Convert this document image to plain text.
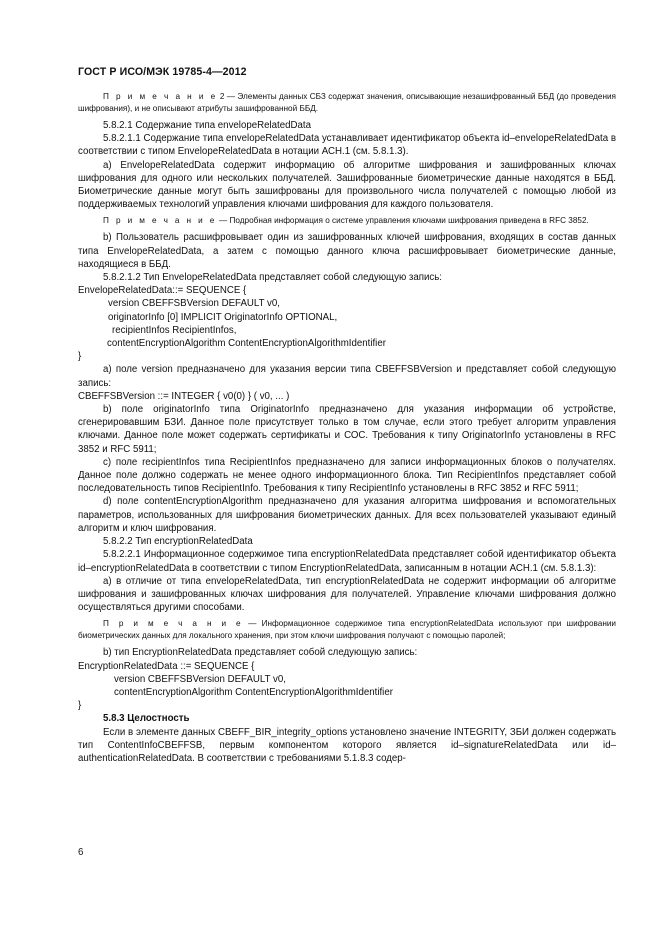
ГОСТ Р ИСО/МЭК 19785-4—2012

П р и м е ч а н и е 2 — Элементы данных СБЗ содержат значения, описывающие незашифрованный ББД (до проведения шифрования), и не описывают атрибуты зашифрованной ББД.

5.8.2.1 Содержание типа envelopeRelatedData

5.8.2.1.1 Содержание типа envelopeRelatedData устанавливает идентификатор объекта id–envelopeRelatedData в соответствии с типом EnvelopeRelatedData в нотации АСН.1 (см. 5.8.1.3).

a) EnvelopeRelatedData содержит информацию об алгоритме шифрования и зашифрованных ключах шифрования для одного или нескольких получателей. Зашифрованные биометрические данные находятся в ББД. Биометрические данные могут быть зашифрованы для произвольного числа получателей с помощью любой из поддерживаемых технологий управления ключами шифрования для каждого пользователя.

П р и м е ч а н и е — Подробная информация о системе управления ключами шифрования приведена в RFC 3852.

b) Пользователь расшифровывает один из зашифрованных ключей шифрования, входящих в состав данных типа EnvelopeRelatedData, а затем с помощью данного ключа расшифровывает биометрические данные, находящиеся в ББД.

5.8.2.1.2 Тип EnvelopeRelatedData представляет собой следующую запись:

EnvelopeRelatedData::= SEQUENCE {
version CBEFFSBVersion DEFAULT v0,
originatorInfo [0] IMPLICIT OriginatorInfo OPTIONAL,
recipientInfos RecipientInfos,
contentEncryptionAlgorithm ContentEncryptionAlgorithmIdentifier
}

a) поле version предназначено для указания версии типа CBEFFSBVersion и представляет собой следующую запись:

CBEFFSBVersion ::= INTEGER { v0(0) } ( v0, ... )

b) поле originatorInfo типа OriginatorInfo предназначено для указания информации об устройстве, сгенерировавшим БЗИ. Данное поле присутствует только в том случае, если этого требует алгоритм управления ключами. Данное поле может содержать сертификаты и СОС. Требования к типу OriginatorInfo установлены в RFC 3852 и RFC 5911;

c) поле recipientInfos типа RecipientInfos предназначено для записи информационных блоков о получателях. Данное поле должно содержать не менее одного информационного блока. Тип RecipientInfos представляет собой последовательность типов RecipientInfo. Требования к типу RecipientInfo установлены в RFC 3852 и RFC 5911;

d) поле contentEncryptionAlgorithm предназначено для указания алгоритма шифрования и вспомогательных параметров, использованных для шифрования биометрических данных. Для всех пользователей указывают единый алгоритм и ключ шифрования.

5.8.2.2 Тип encryptionRelatedData

5.8.2.2.1 Информационное содержимое типа encryptionRelatedData представляет собой идентификатор объекта id–encryptionRelatedData в соответствии с типом EncryptionRelatedData, записанным в нотации АСН.1 (см. 5.8.1.3):

a) в отличие от типа envelopeRelatedData, тип encryptionRelatedData не содержит информации об алгоритме шифрования и зашифрованных ключах шифрования для получателей. Управление ключами шифрования должно осуществляться другими способами.

П р и м е ч а н и е — Информационное содержимое типа encryptionRelatedData используют при шифровании биометрических данных для локального хранения, при этом ключи шифрования получают с помощью паролей;

b) тип EncryptionRelatedData представляет собой следующую запись:

EncryptionRelatedData ::= SEQUENCE {
version CBEFFSBVersion DEFAULT v0,
contentEncryptionAlgorithm ContentEncryptionAlgorithmIdentifier
}

5.8.3 Целостность

Если в элементе данных CBEFF_BIR_integrity_options установлено значение INTEGRITY, ЗБИ должен содержать тип ContentInfoCBEFFSB, первым компонентом которого является id–signatureRelatedData или id–authenticationRelatedData. В соответствии с требованиями 5.1.8.3 содер-

6
